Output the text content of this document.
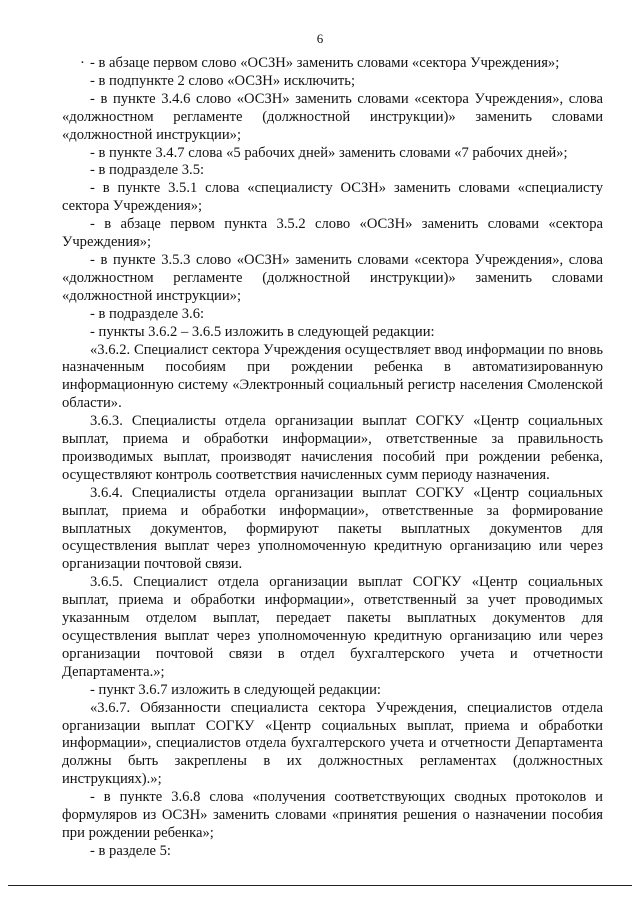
6

· - в абзаце первом слово «ОСЗН» заменить словами «сектора Учреждения»;

- в подпункте 2 слово «ОСЗН» исключить;

- в пункте 3.4.6 слово «ОСЗН» заменить словами «сектора Учреждения», слова «должностном регламенте (должностной инструкции)» заменить словами «должностной инструкции»;

- в пункте 3.4.7 слова «5 рабочих дней» заменить словами «7 рабочих дней»;

- в подразделе 3.5:

- в пункте 3.5.1 слова «специалисту ОСЗН» заменить словами «специалисту сектора Учреждения»;

- в абзаце первом пункта 3.5.2 слово «ОСЗН» заменить словами «сектора Учреждения»;

- в пункте 3.5.3 слово «ОСЗН» заменить словами «сектора Учреждения», слова «должностном регламенте (должностной инструкции)» заменить словами «должностной инструкции»;

- в подразделе 3.6:

- пункты 3.6.2 – 3.6.5 изложить в следующей редакции:

«3.6.2. Специалист сектора Учреждения осуществляет ввод информации по вновь назначенным пособиям при рождении ребенка в автоматизированную информационную систему «Электронный социальный регистр населения Смоленской области».

3.6.3. Специалисты отдела организации выплат СОГКУ «Центр социальных выплат, приема и обработки информации», ответственные за правильность производимых выплат, производят начисления пособий при рождении ребенка, осуществляют контроль соответствия начисленных сумм периоду назначения.

3.6.4. Специалисты отдела организации выплат СОГКУ «Центр социальных выплат, приема и обработки информации», ответственные за формирование выплатных документов, формируют пакеты выплатных документов для осуществления выплат через уполномоченную кредитную организацию или через организации почтовой связи.

3.6.5. Специалист отдела организации выплат СОГКУ «Центр социальных выплат, приема и обработки информации», ответственный за учет проводимых указанным отделом выплат, передает пакеты выплатных документов для осуществления выплат через уполномоченную кредитную организацию или через организации почтовой связи в отдел бухгалтерского учета и отчетности Департамента.»;

- пункт 3.6.7 изложить в следующей редакции:

«3.6.7. Обязанности специалиста сектора Учреждения, специалистов отдела организации выплат СОГКУ «Центр социальных выплат, приема и обработки информации», специалистов отдела бухгалтерского учета и отчетности Департамента должны быть закреплены в их должностных регламентах (должностных инструкциях).»;

- в пункте 3.6.8 слова «получения соответствующих сводных протоколов и формуляров из ОСЗН» заменить словами «принятия решения о назначении пособия при рождении ребенка»;

- в разделе 5:
